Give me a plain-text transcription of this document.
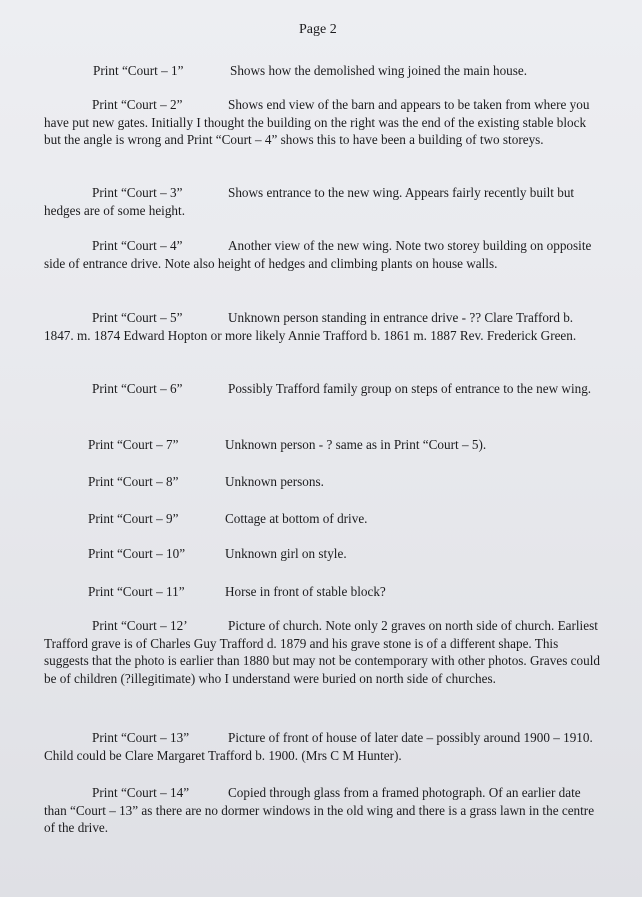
Page 2
Print “Court – 1”	Shows how the demolished wing joined the main house.

Print “Court – 2”	Shows end view of the barn and appears to be taken from where you have put new gates. Initially I thought the building on the right was the end of the existing stable block but the angle is wrong and Print “Court – 4” shows this to have been a building of two storeys.

Print “Court – 3”	Shows entrance to the new wing. Appears fairly recently built but hedges are of some height.

Print “Court – 4”	Another view of the new wing. Note two storey building on opposite side of entrance drive. Note also height of hedges and climbing plants on house walls.

Print “Court – 5”	Unknown person standing in entrance drive - ?? Clare Trafford b. 1847. m. 1874 Edward Hopton or more likely Annie Trafford b. 1861 m. 1887 Rev. Frederick Green.

Print “Court – 6”	Possibly Trafford family group on steps of entrance to the new wing.

Print “Court – 7”	Unknown person - ? same as in Print “Court – 5).
Print “Court – 8”	Unknown persons.
Print “Court – 9”	Cottage at bottom of drive.
Print “Court – 10”	Unknown girl on style.
Print “Court – 11”	Horse in front of stable block?

Print “Court – 12’	Picture of church. Note only 2 graves on north side of church. Earliest Trafford grave is of Charles Guy Trafford d. 1879 and his grave stone is of a different shape. This suggests that the photo is earlier than 1880 but may not be contemporary with other photos. Graves could be of children (?illegitimate) who I understand were buried on north side of churches.

Print “Court – 13”	Picture of front of house of later date – possibly around 1900 – 1910. Child could be Clare Margaret Trafford b. 1900. (Mrs C M Hunter).

Print “Court – 14”	Copied through glass from a framed photograph. Of an earlier date than “Court – 13” as there are no dormer windows in the old wing and there is a grass lawn in the centre of the drive.
